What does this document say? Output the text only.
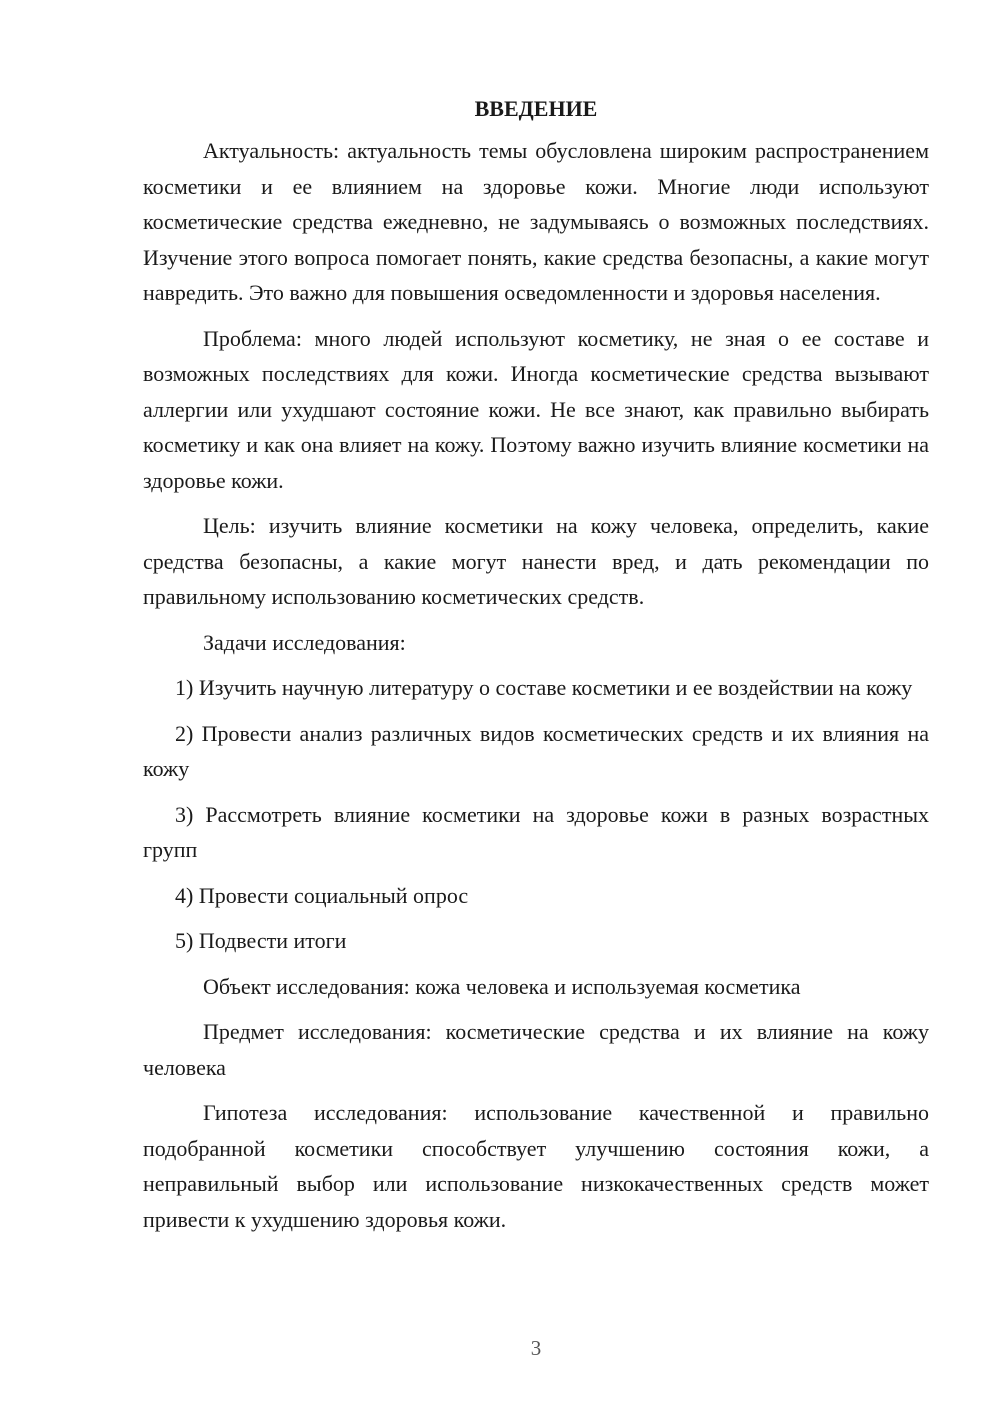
ВВЕДЕНИЕ

Актуальность: актуальность темы обусловлена широким распространением косметики и ее влиянием на здоровье кожи. Многие люди используют косметические средства ежедневно, не задумываясь о возможных последствиях. Изучение этого вопроса помогает понять, какие средства безопасны, а какие могут навредить. Это важно для повышения осведомленности и здоровья населения.

Проблема: много людей используют косметику, не зная о ее составе и возможных последствиях для кожи. Иногда косметические средства вызывают аллергии или ухудшают состояние кожи. Не все знают, как правильно выбирать косметику и как она влияет на кожу. Поэтому важно изучить влияние косметики на здоровье кожи.

Цель: изучить влияние косметики на кожу человека, определить, какие средства безопасны, а какие могут нанести вред, и дать рекомендации по правильному использованию косметических средств.

Задачи исследования:

1) Изучить научную литературу о составе косметики и ее воздействии на кожу

2) Провести анализ различных видов косметических средств и их влияния на кожу

3) Рассмотреть влияние косметики на здоровье кожи в разных возрастных групп

4) Провести социальный опрос

5) Подвести итоги

Объект исследования: кожа человека и используемая косметика

Предмет исследования: косметические средства и их влияние на кожу человека

Гипотеза исследования: использование качественной и правильно подобранной косметики способствует улучшению состояния кожи, а неправильный выбор или использование низкокачественных средств может привести к ухудшению здоровья кожи.

3
